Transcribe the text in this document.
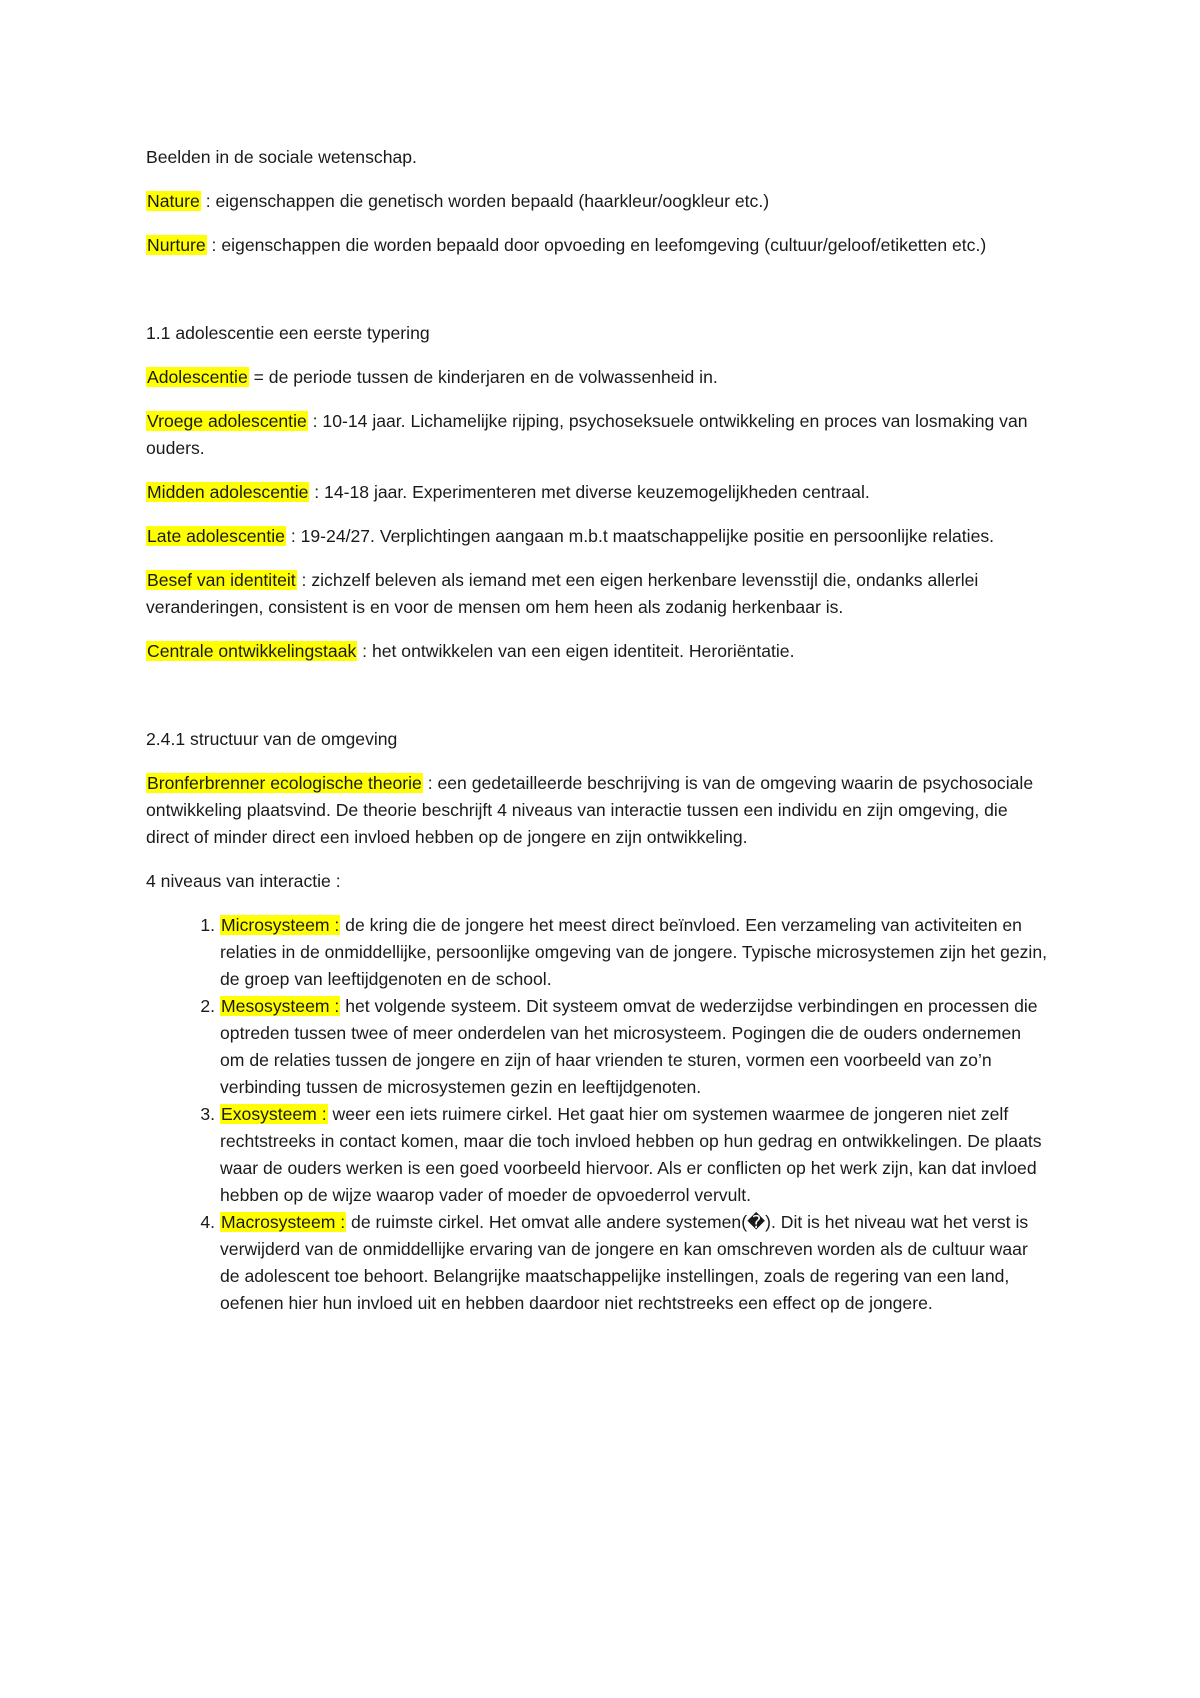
Beelden in de sociale wetenschap.

Nature : eigenschappen die genetisch worden bepaald (haarkleur/oogkleur etc.)

Nurture : eigenschappen die worden bepaald door opvoeding en leefomgeving (cultuur/geloof/etiketten etc.)

1.1 adolescentie een eerste typering

Adolescentie = de periode tussen de kinderjaren en de volwassenheid in.

Vroege adolescentie : 10-14 jaar. Lichamelijke rijping, psychoseksuele ontwikkeling en proces van losmaking van ouders.

Midden adolescentie : 14-18 jaar. Experimenteren met diverse keuzemogelijkheden centraal.

Late adolescentie : 19-24/27. Verplichtingen aangaan m.b.t maatschappelijke positie en persoonlijke relaties.

Besef van identiteit : zichzelf beleven als iemand met een eigen herkenbare levensstijl die, ondanks allerlei veranderingen, consistent is en voor de mensen om hem heen als zodanig herkenbaar is.

Centrale ontwikkelingstaak : het ontwikkelen van een eigen identiteit. Heroriëntatie.

2.4.1 structuur van de omgeving

Bronferbrenner ecologische theorie : een gedetailleerde beschrijving is van de omgeving waarin de psychosociale ontwikkeling plaatsvind. De theorie beschrijft 4 niveaus van interactie tussen een individu en zijn omgeving, die direct of minder direct een invloed hebben op de jongere en zijn ontwikkeling.

4 niveaus van interactie :

1. Microsysteem : de kring die de jongere het meest direct beïnvloed. Een verzameling van activiteiten en relaties in de onmiddellijke, persoonlijke omgeving van de jongere. Typische microsystemen zijn het gezin, de groep van leeftijdgenoten en de school.
2. Mesosysteem : het volgende systeem. Dit systeem omvat de wederzijdse verbindingen en processen die optreden tussen twee of meer onderdelen van het microsysteem. Pogingen die de ouders ondernemen om de relaties tussen de jongere en zijn of haar vrienden te sturen, vormen een voorbeeld van zo’n verbinding tussen de microsystemen gezin en leeftijdgenoten.
3. Exosysteem : weer een iets ruimere cirkel. Het gaat hier om systemen waarmee de jongeren niet zelf rechtstreeks in contact komen, maar die toch invloed hebben op hun gedrag en ontwikkelingen. De plaats waar de ouders werken is een goed voorbeeld hiervoor. Als er conflicten op het werk zijn, kan dat invloed hebben op de wijze waarop vader of moeder de opvoederrol vervult.
4. Macrosysteem : de ruimste cirkel. Het omvat alle andere systemen(�). Dit is het niveau wat het verst is verwijderd van de onmiddellijke ervaring van de jongere en kan omschreven worden als de cultuur waar de adolescent toe behoort. Belangrijke maatschappelijke instellingen, zoals de regering van een land, oefenen hier hun invloed uit en hebben daardoor niet rechtstreeks een effect op de jongere.
